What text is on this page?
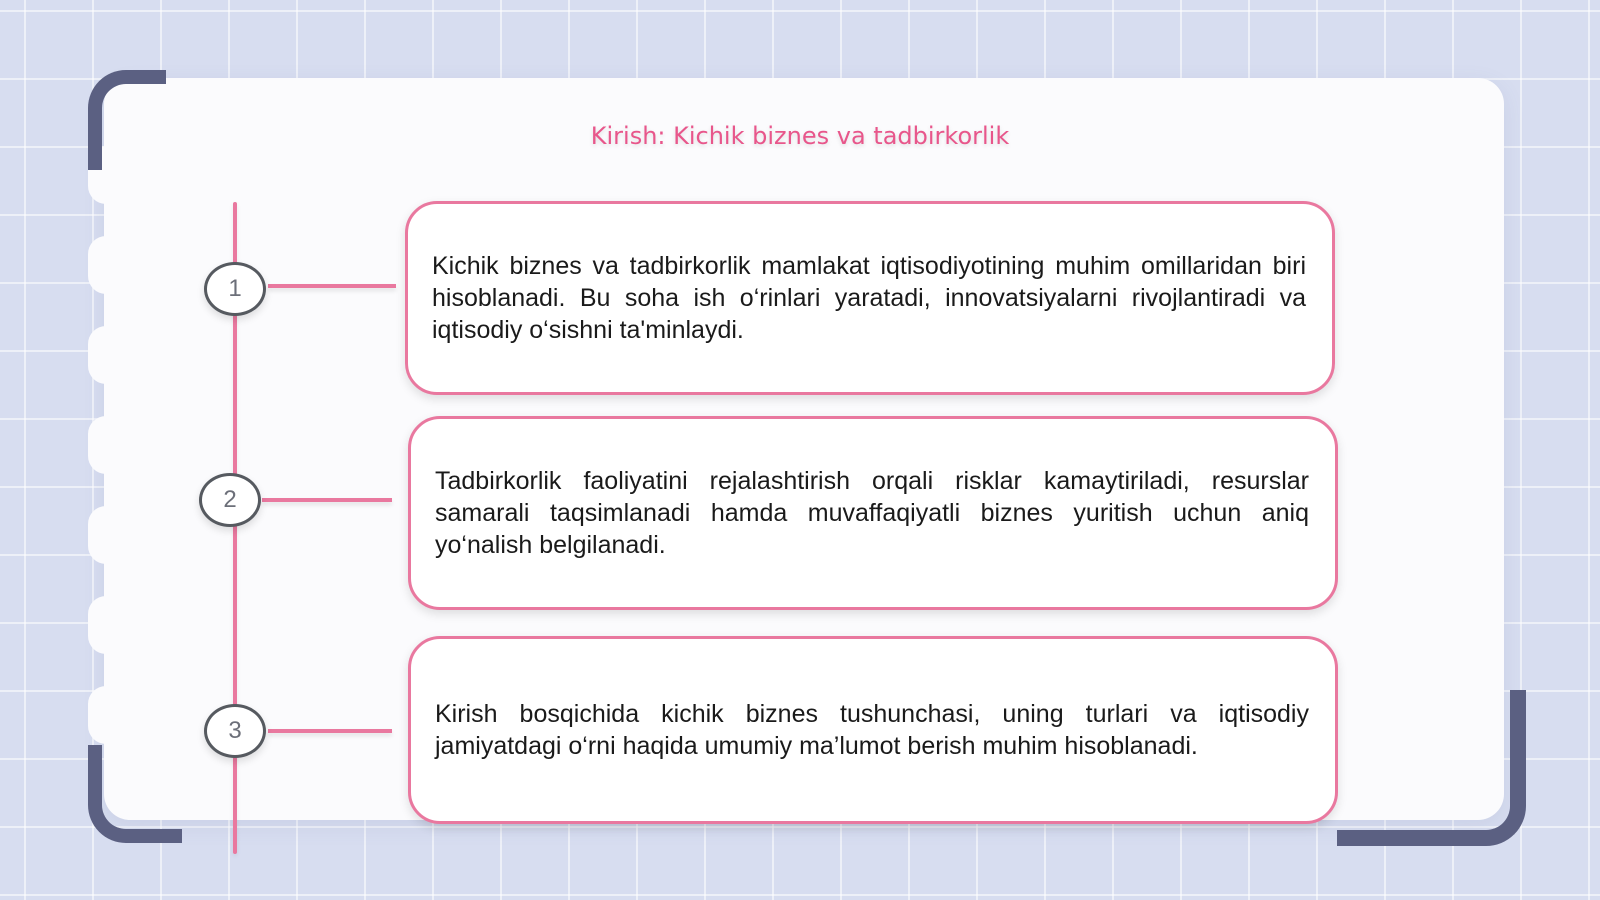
Kirish: Kichik biznes va tadbirkorlik
1
2
3

Kichik biznes va tadbirkorlik mamlakat iqtisodiyotining muhim omillaridan biri hisoblanadi. Bu soha ish o‘rinlari yaratadi, innovatsiyalarni rivojlantiradi va iqtisodiy o‘sishni ta'minlaydi.

Tadbirkorlik faoliyatini rejalashtirish orqali risklar kamaytiriladi, resurslar samarali taqsimlanadi hamda muvaffaqiyatli biznes yuritish uchun aniq yo‘nalish belgilanadi.

Kirish bosqichida kichik biznes tushunchasi, uning turlari va iqtisodiy jamiyatdagi o‘rni haqida umumiy ma’lumot berish muhim hisoblanadi.
